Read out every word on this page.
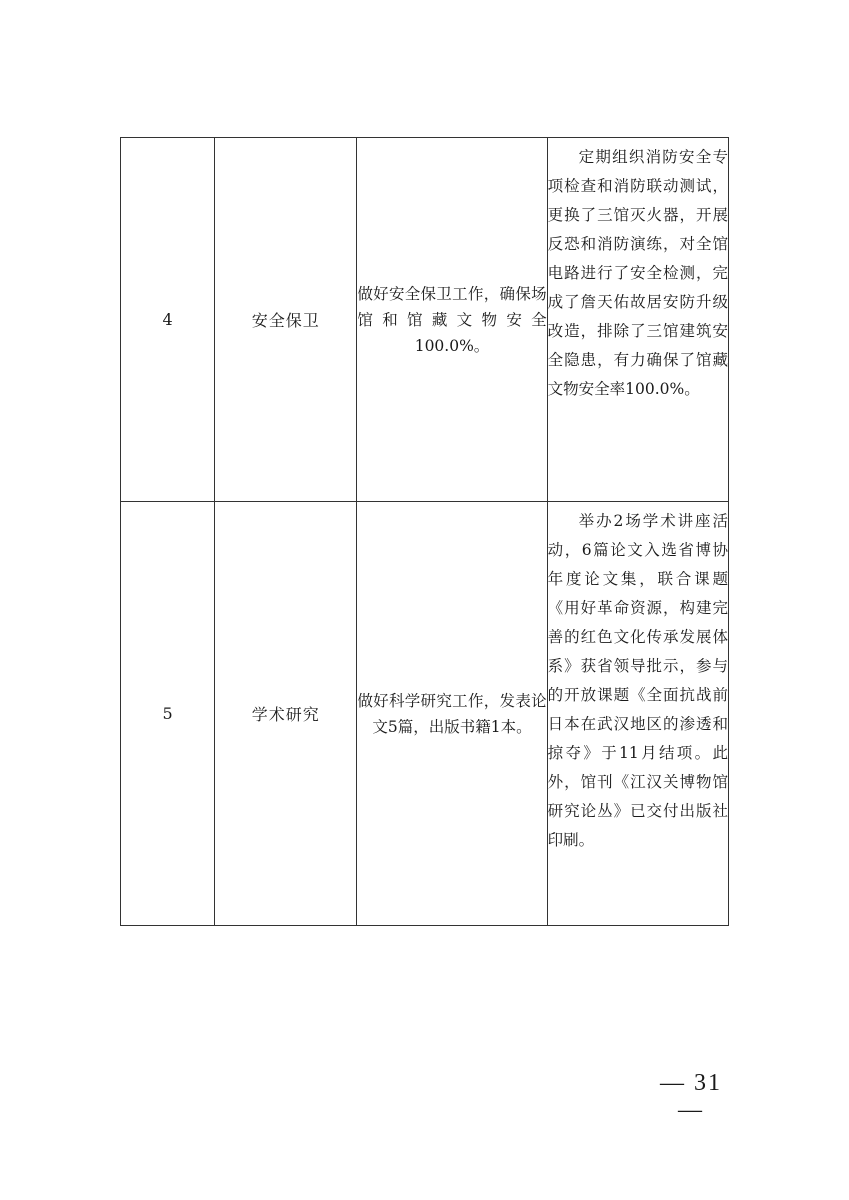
4	安全保卫	做好安全保卫工作，确保场馆和馆藏文物安全100.0%。	定期组织消防安全专项检查和消防联动测试，更换了三馆灭火器，开展反恐和消防演练，对全馆电路进行了安全检测，完成了詹天佑故居安防升级改造，排除了三馆建筑安全隐患，有力确保了馆藏文物安全率100.0%。
5	学术研究	做好科学研究工作，发表论文5篇，出版书籍1本。	举办2场学术讲座活动，6篇论文入选省博协年度论文集，联合课题《用好革命资源，构建完善的红色文化传承发展体系》获省领导批示，参与的开放课题《全面抗战前日本在武汉地区的渗透和掠夺》于11月结项。此外，馆刊《江汉关博物馆研究论丛》已交付出版社印刷。
— 31 —
